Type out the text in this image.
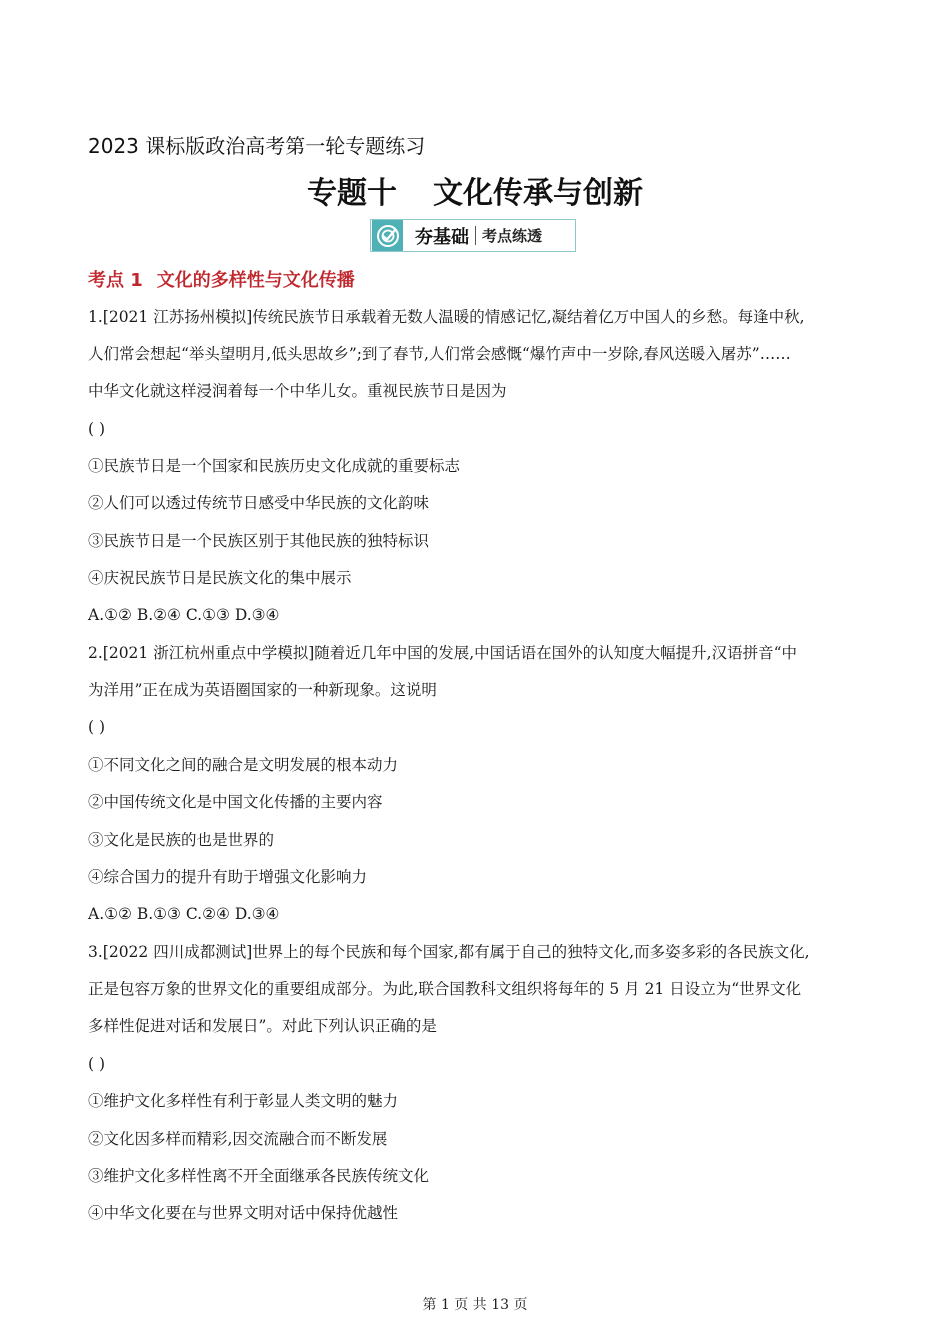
2023 课标版政治高考第一轮专题练习
专题十 文化传承与创新
夯基础 考点练透
考点 1 文化的多样性与文化传播
1.[2021 江苏扬州模拟]传统民族节日承载着无数人温暖的情感记忆,凝结着亿万中国人的乡愁。每逢中秋,
人们常会想起“举头望明月,低头思故乡”;到了春节,人们常会感慨“爆竹声中一岁除,春风送暖入屠苏”……
中华文化就这样浸润着每一个中华儿女。重视民族节日是因为
( )
①民族节日是一个国家和民族历史文化成就的重要标志
②人们可以透过传统节日感受中华民族的文化韵味
③民族节日是一个民族区别于其他民族的独特标识
④庆祝民族节日是民族文化的集中展示
A.①② B.②④ C.①③ D.③④
2.[2021 浙江杭州重点中学模拟]随着近几年中国的发展,中国话语在国外的认知度大幅提升,汉语拼音“中
为洋用”正在成为英语圈国家的一种新现象。这说明
( )
①不同文化之间的融合是文明发展的根本动力
②中国传统文化是中国文化传播的主要内容
③文化是民族的也是世界的
④综合国力的提升有助于增强文化影响力
A.①② B.①③ C.②④ D.③④
3.[2022 四川成都测试]世界上的每个民族和每个国家,都有属于自己的独特文化,而多姿多彩的各民族文化,
正是包容万象的世界文化的重要组成部分。为此,联合国教科文组织将每年的 5 月 21 日设立为“世界文化
多样性促进对话和发展日”。对此下列认识正确的是
( )
①维护文化多样性有利于彰显人类文明的魅力
②文化因多样而精彩,因交流融合而不断发展
③维护文化多样性离不开全面继承各民族传统文化
④中华文化要在与世界文明对话中保持优越性
第 1 页 共 13 页
